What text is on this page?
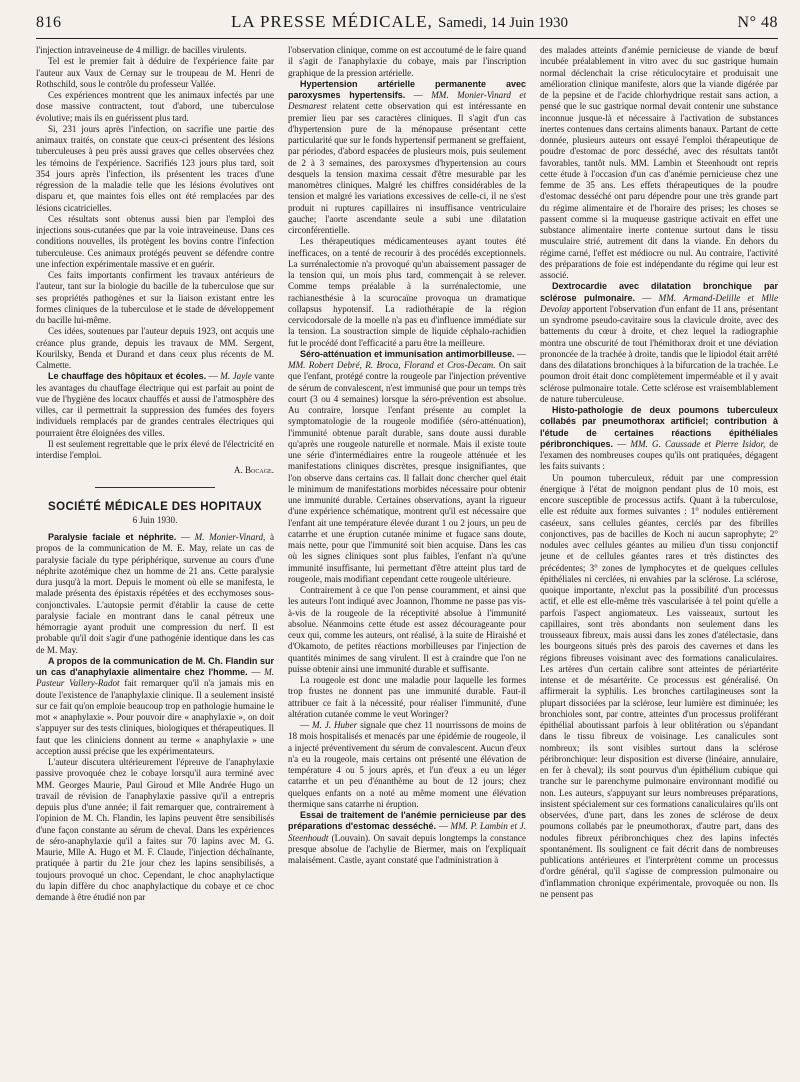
816	LA PRESSE MÉDICALE, Samedi, 14 Juin 1930	N° 48

l'injection intraveineuse de 4 milligr. de bacilles virulents.

Tel est le premier fait à déduire de l'expérience faite par l'auteur aux Vaux de Cernay sur le troupeau de M. Henri de Rothschild, sous le contrôle du professeur Vallée.

Ces expériences montrent que les animaux infectés par une dose massive contractent, tout d'abord, une tuberculose évolutive; mais ils en guérissent plus tard.

Si, 231 jours après l'infection, on sacrifie une partie des animaux traités, on constate que ceux-ci présentent des lésions tuberculeuses à peu près aussi graves que celles observées chez les témoins de l'expérience. Sacrifiés 123 jours plus tard, soit 354 jours après l'infection, ils présentent les traces d'une régression de la maladie telle que les lésions évolutives ont disparu et, que maintes fois elles ont été remplacées par des lésions cicatricielles.

Ces résultats sont obtenus aussi bien par l'emploi des injections sous-cutanées que par la voie intraveineuse. Dans ces conditions nouvelles, ils protègent les bovins contre l'infection tuberculeuse. Ces animaux protégés peuvent se défendre contre une infection expérimentale massive et en guérir.

Ces faits importants confirment les travaux antérieurs de l'auteur, tant sur la biologie du bacille de la tuberculose que sur ses propriétés pathogènes et sur la liaison existant entre les formes cliniques de la tuberculose et le stade de développement du bacille lui-même.

Ces idées, soutenues par l'auteur depuis 1923, ont acquis une créance plus grande, depuis les travaux de MM. Sergent, Kourilsky, Benda et Durand et dans ceux plus récents de M. Calmette.

Le chauffage des hôpitaux et écoles. — M. Jayle vante les avantages du chauffage électrique qui est parfait au point de vue de l'hygiène des locaux chauffés et aussi de l'atmosphère des villes, car il permettrait la suppression des fumées des foyers individuels remplacés par de grandes centrales électriques qui pourraient être éloignées des villes.

Il est seulement regrettable que le prix élevé de l'électricité en interdise l'emploi.

A. Bocage.
SOCIÉTÉ MÉDICALE DES HOPITAUX
6 Juin 1930.

Paralysie faciale et néphrite. — M. Monier-Vinard, à propos de la communication de M. E. May, relate un cas de paralysie faciale du type périphérique, survenue au cours d'une néphrite azotémique chez un homme de 21 ans. Cette paralysie dura jusqu'à la mort. Depuis le moment où elle se manifesta, le malade présenta des épistaxis répétées et des ecchymoses sous-conjonctivales. L'autopsie permit d'établir la cause de cette paralysie faciale en montrant dans le canal pétreux une hémorragie ayant produit une compression du nerf. Il est probable qu'il doit s'agir d'une pathogénie identique dans les cas de M. May.

A propos de la communication de M. Ch. Flandin sur un cas d'anaphylaxie alimentaire chez l'homme. — M. Pasteur Vallery-Radot fait remarquer qu'il n'a jamais mis en doute l'existence de l'anaphylaxie clinique. Il a seulement insisté sur ce fait qu'on emploie beaucoup trop en pathologie humaine le mot « anaphylaxie ». Pour pouvoir dire « anaphylaxie », on doit s'appuyer sur des tests cliniques, biologiques et thérapeutiques. Il faut que les cliniciens donnent au terme « anaphylaxie » une acception aussi précise que les expérimentateurs.

L'auteur discutera ultérieurement l'épreuve de l'anaphylaxie passive provoquée chez le cobaye lorsqu'il aura terminé avec MM. Georges Maurie, Paul Giroud et Mlle Andrée Hugo un travail de révision de l'anaphylaxie passive qu'il a entrepris depuis plus d'une année; il fait remarquer que, contrairement à l'opinion de M. Ch. Flandin, les lapins peuvent être sensibilisés d'une façon constante au sérum de cheval. Dans les expériences de séro-anaphylaxie qu'il a faites sur 70 lapins avec M. G. Maurie, Mlle A. Hugo et M. F. Claude, l'injection déchaînante, pratiquée à partir du 21e jour chez les lapins sensibilisés, a toujours provoqué un choc. Cependant, le choc anaphylactique du lapin diffère du choc anaphylactique du cobaye et ce choc demande à être étudié non par

l'observation clinique, comme on est accoutumé de le faire quand il s'agit de l'anaphylaxie du cobaye, mais par l'inscription graphique de la pression artérielle.

Hypertension artérielle permanente avec paroxysmes hypertensifs. — MM. Monier-Vinard et Desmarest relatent cette observation qui est intéressante en premier lieu par ses caractères cliniques. Il s'agit d'un cas d'hypertension pure de la ménopause présentant cette particularité que sur le fonds hypertensif permanent se greffaient, par périodes, d'abord espacées de plusieurs mois, puis seulement de 2 à 3 semaines, des paroxysmes d'hypertension au cours desquels la tension maxima cessait d'être mesurable par les manomètres cliniques. Malgré les chiffres considérables de la tension et malgré les variations excessives de celle-ci, il ne s'est produit ni ruptures capillaires ni insuffisance ventriculaire gauche; l'aorte ascendante seule a subi une dilatation circonférentielle.

Les thérapeutiques médicamenteuses ayant toutes été inefficaces, on a tenté de recourir à des procédés exceptionnels. La surrénalectomie n'a provoqué qu'un abaissement passager de la tension qui, un mois plus tard, commençait à se relever. Comme temps préalable à la surrénalectomie, une rachianesthésie à la scurocaïne provoqua un dramatique collapsus hypotensif. La radiothérapie de la région cervicodorsale de la moelle n'a pas eu d'influence immédiate sur la tension. La soustraction simple de liquide céphalo-rachidien fut le procédé dont l'efficacité a paru être la meilleure.

Séro-atténuation et immunisation antimorbilleuse. — MM. Robert Debré, R. Broca, Florand et Cros-Decam. On sait que l'enfant, protégé contre la rougeole par l'injection préventive de sérum de convalescent, n'est immunisé que pour un temps très court (3 ou 4 semaines) lorsque la séro-prévention est absolue. Au contraire, lorsque l'enfant présente au complet la symptomatologie de la rougeole modifiée (séro-atténuation), l'immunité obtenue paraît durable, sans doute aussi durable qu'après une rougeole naturelle et normale. Mais il existe toute une série d'intermédiaires entre la rougeole atténuée et les manifestations cliniques discrètes, presque insignifiantes, que l'on observe dans certains cas. Il fallait donc chercher quel était le minimum de manifestations morbides nécessaire pour obtenir une immunité durable. Certaines observations, ayant la rigueur d'une expérience schématique, montrent qu'il est nécessaire que l'enfant ait une température élevée durant 1 ou 2 jours, un peu de catarrhe et une éruption cutanée minime et fugace sans doute, mais nette, pour que l'immunité soit bien acquise. Dans les cas où les signes cliniques sont plus faibles, l'enfant n'a qu'une immunité insuffisante, lui permettant d'être atteint plus tard de rougeole, mais modifiant cependant cette rougeole ultérieure.

Contrairement à ce que l'on pense couramment, et ainsi que les auteurs l'ont indiqué avec Joannon, l'homme ne passe pas vis-à-vis de la rougeole de la réceptivité absolue à l'immunité absolue. Néanmoins cette étude est assez décourageante pour ceux qui, comme les auteurs, ont réalisé, à la suite de Hiraishé et d'Okamoto, de petites réactions morbilleuses par l'injection de quantités minimes de sang virulent. Il est à craindre que l'on ne puisse obtenir ainsi une immunité durable et suffisante.

La rougeole est donc une maladie pour laquelle les formes trop frustes ne donnent pas une immunité durable. Faut-il attribuer ce fait à la nécessité, pour réaliser l'immunité, d'une altération cutanée comme le veut Woringer?

— M. J. Huber signale que chez 11 nourrissons de moins de 18 mois hospitalisés et menacés par une épidémie de rougeole, il a injecté préventivement du sérum de convalescent. Aucun d'eux n'a eu la rougeole, mais certains ont présenté une élévation de température 4 ou 5 jours après, et l'un d'eux a eu un léger catarrhe et un peu d'énanthème au bout de 12 jours; chez quelques enfants on a noté au même moment une élévation thermique sans catarrhe ni éruption.

Essai de traitement de l'anémie pernicieuse par des préparations d'estomac desséché. — MM. P. Lambin et J. Steenhoudt (Louvain). On savait depuis longtemps la constance presque absolue de l'achylie de Biermer, mais on l'expliquait malaisément. Castle, ayant constaté que l'administration à

des malades atteints d'anémie pernicieuse de viande de bœuf incubée préalablement in vitro avec du suc gastrique humain normal déclenchait la crise réticulocytaire et produisait une amélioration clinique manifeste, alors que la viande digérée par de la pepsine et de l'acide chlorhydrique restait sans action, a pensé que le suc gastrique normal devait contenir une substance inconnue jusque-là et nécessaire à l'activation de substances inertes contenues dans certains aliments banaux. Partant de cette donnée, plusieurs auteurs ont essayé l'emploi thérapeutique de poudre d'estomac de porc desséché, avec des résultats tantôt favorables, tantôt nuls. MM. Lambin et Steenhoudt ont repris cette étude à l'occasion d'un cas d'anémie pernicieuse chez une femme de 35 ans. Les effets thérapeutiques de la poudre d'estomac desséché ont paru dépendre pour une très grande part du régime alimentaire et de l'horaire des prises; les choses se passent comme si la muqueuse gastrique activait en effet une substance alimentaire inerte contenue surtout dans le tissu musculaire strié, autrement dit dans la viande. En dehors du régime carné, l'effet est médiocre ou nul. Au contraire, l'activité des préparations de foie est indépendante du régime qui leur est associé.

Dextrocardie avec dilatation bronchique par sclérose pulmonaire. — MM. Armand-Delille et Mlle Devolay apportent l'observation d'un enfant de 11 ans, présentant un syndrome pseudo-cavitaire sous la clavicule droite, avec des battements du cœur à droite, et chez lequel la radiographie montra une obscurité de tout l'hémithorax droit et une déviation prononcée de la trachée à droite, tandis que le lipiodol était arrêté dans des dilatations bronchiques à la bifurcation de la trachée. Le poumon droit était donc complètement imperméable et il y avait sclérose pulmonaire totale. Cette sclérose est vraisemblablement de nature tuberculeuse.

Histo-pathologie de deux poumons tuberculeux collabés par pneumothorax artificiel; contribution à l'étude de certaines réactions épithéliales péribronchiques. — MM. G. Caussade et Pierre Isidor, de l'examen des nombreuses coupes qu'ils ont pratiquées, dégagent les faits suivants :

Un poumon tuberculeux, réduit par une compression énergique à l'état de moignon pendant plus de 10 mois, est encore susceptible de processus actifs. Quant à la tuberculose, elle est réduite aux formes suivantes : 1° nodules entièrement caséeux, sans cellules géantes, cerclés par des fibrilles conjonctives, pas de bacilles de Koch ni aucun saprophyte; 2° nodules avec cellules géantes au milieu d'un tissu conjonctif jeune et de cellules géantes rares et très distinctes des précédentes; 3° zones de lymphocytes et de quelques cellules épithéliales ni cerclées, ni envahies par la sclérose. La sclérose, quoique importante, n'exclut pas la possibilité d'un processus actif, et elle est elle-même très vascularisée à tel point qu'elle a parfois l'aspect angiomateux. Les vaisseaux, surtout les capillaires, sont très abondants non seulement dans les trousseaux fibreux, mais aussi dans les zones d'atélectasie, dans les bourgeons situés près des parois des cavernes et dans les régions fibreuses voisinant avec des formations canaliculaires. Les artères d'un certain calibre sont atteintes de périartérite intense et de mésartérite. Ce processus est généralisé. On affirmerait la syphilis. Les bronches cartilagineuses sont la plupart dissociées par la sclérose, leur lumière est diminuée; les bronchioles sont, par contre, atteintes d'un processus proliférant épithélial aboutissant parfois à leur oblitération ou s'épandant dans le tissu fibreux de voisinage. Les canalicules sont nombreux; ils sont visibles surtout dans la sclérose péribronchique: leur disposition est diverse (linéaire, annulaire, en fer à cheval); ils sont pourvus d'un épithélium cubique qui tranche sur le parenchyme pulmonaire environnant modifié ou non. Les auteurs, s'appuyant sur leurs nombreuses préparations, insistent spécialement sur ces formations canaliculaires qu'ils ont observées, d'une part, dans les zones de sclérose de deux poumons collabés par le pneumothorax, d'autre part, dans des nodules fibreux péribronchiques chez des lapins infectés spontanément. Ils soulignent ce fait décrit dans de nombreuses publications antérieures et l'interprètent comme un processus d'ordre général, qu'il s'agisse de compression pulmonaire ou d'inflammation chronique expérimentale, provoquée ou non. Ils ne pensent pas
